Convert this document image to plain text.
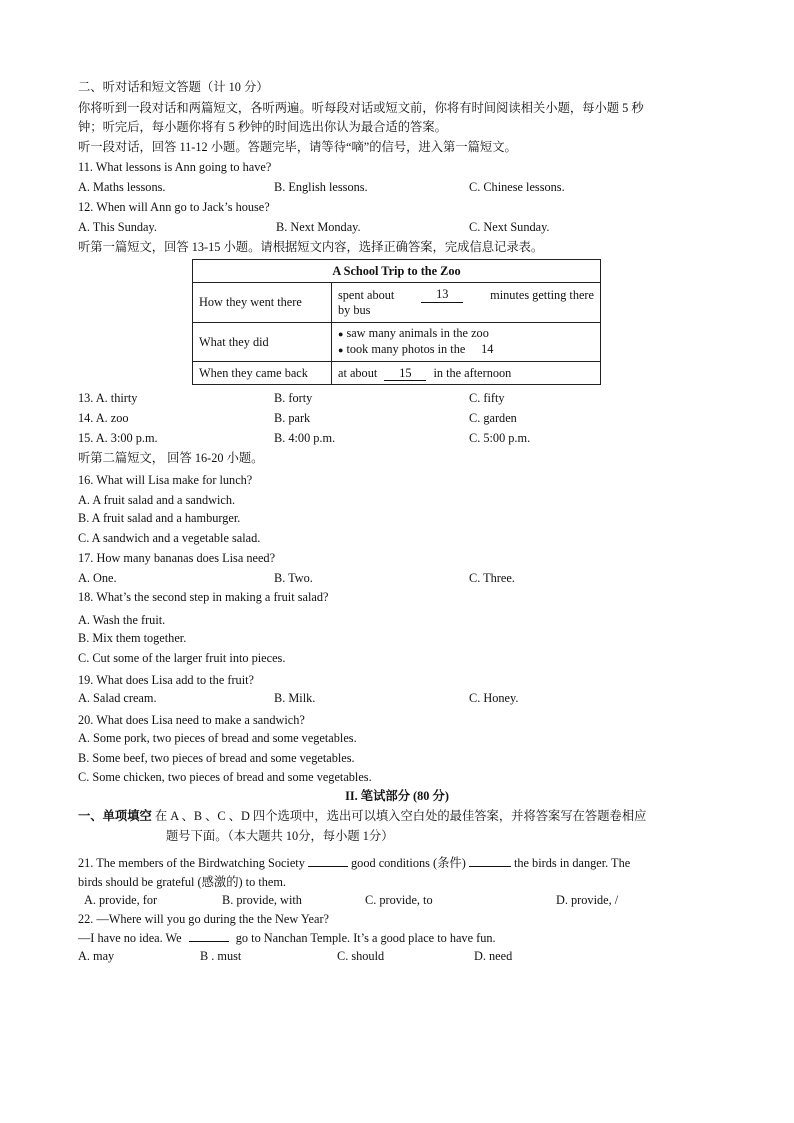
二、听对话和短文答题（计 10 分）
你将听到一段对话和两篇短文，各听两遍。听每段对话或短文前，你将有时间阅读相关小题，每小题 5 秒
钟；听完后，每小题你将有 5 秒钟的时间选出你认为最合适的答案。
听一段对话，回答 11-12 小题。答题完毕，请等待“嘀”的信号，进入第一篇短文。
11. What lessons is Ann going to have?
A. Maths lessons.	B. English lessons.	C. Chinese lessons.
12. When will Ann go to Jack’s house?
A. This Sunday.	B. Next Monday.	C. Next Sunday.
听第一篇短文，回答 13-15 小题。请根据短文内容，选择正确答案，完成信息记录表。
A School Trip to the Zoo	
How they went there	spent about 13 minutes getting there
by bus

What they did	● saw many animals in the zoo
● took many photos in the 14

When they came back	at about 15 in the afternoon
13. A. thirty	B. forty	C. fifty
14. A. zoo	B. park	C. garden
15. A. 3:00 p.m.	B. 4:00 p.m.	C. 5:00 p.m.
听第二篇短文， 回答 16-20 小题。
16. What will Lisa make for lunch?
A. A fruit salad and a sandwich.
B. A fruit salad and a hamburger.
C. A sandwich and a vegetable salad.
17. How many bananas does Lisa need?
A. One.	B. Two.	C. Three.
18. What’s the second step in making a fruit salad?
A. Wash the fruit.
B. Mix them together.
C. Cut some of the larger fruit into pieces.
19. What does Lisa add to the fruit?
A. Salad cream.	B. Milk.	C. Honey.
20. What does Lisa need to make a sandwich?
A. Some pork, two pieces of bread and some vegetables.
B. Some beef, two pieces of bread and some vegetables.
C. Some chicken, two pieces of bread and some vegetables.
II. 笔试部分 (80 分)
一、单项填空 在 A 、B 、C 、D 四个选项中，选出可以填入空白处的最佳答案，并将答案写在答题卷相应
题号下面。（本大题共 10分，每小题 1分）
21. The members of the Birdwatching Society	good conditions (条件)	the birds in danger. The
birds should be grateful (感激的) to them.
A. provide, for	B. provide, with	C. provide, to	D. provide, /
22. —Where will you go during the the New Year?
—I have no idea. We	go to Nanchan Temple. It’s a good place to have fun.
A. may	B . must	C. should	D. need
